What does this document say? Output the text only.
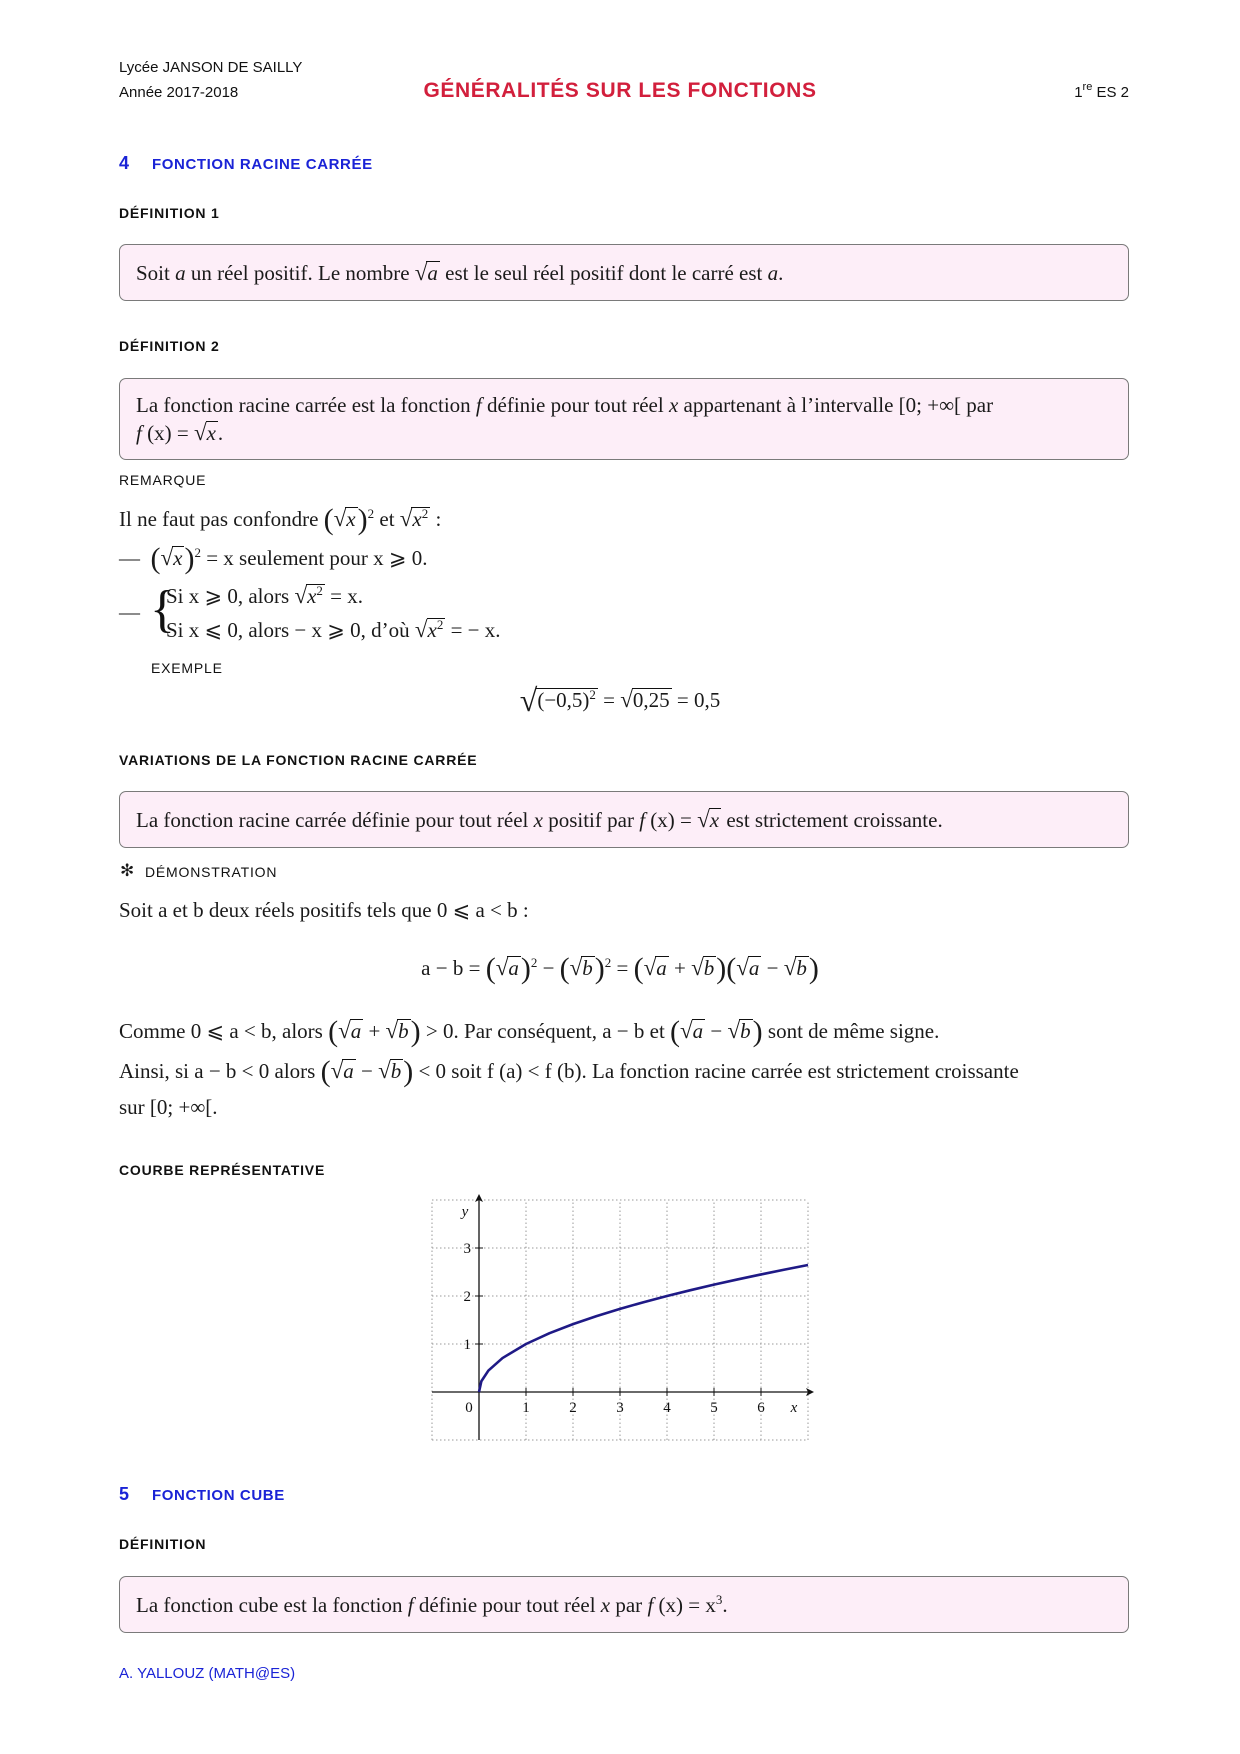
Lycée JANSON DE SAILLY
Année 2017-2018	GÉNÉRALITÉS SUR LES FONCTIONS	1re ES 2
4 FONCTION RACINE CARRÉE
DÉFINITION 1
Soit a un réel positif. Le nombre √a est le seul réel positif dont le carré est a.
DÉFINITION 2
La fonction racine carrée est la fonction f définie pour tout réel x appartenant à l’intervalle [0; +∞[ par
f (x) = √x.
REMARQUE
Il ne faut pas confondre $(√x)^2$ et $√x^2$ :
— $(√x)^2 = x$ seulement pour x ⩾ 0.
— {
Si x ⩾ 0, alors $√x^2 = x$.
Si x ⩽ 0, alors − x ⩾ 0, d’où $√x^2$ = − x.
EXEMPLE
$√(-0,5)^2 = √0,25 = 0,5$
VARIATIONS DE LA FONCTION RACINE CARRÉE
La fonction racine carrée définie pour tout réel x positif par f (x) = √x est strictement croissante.
✻ DÉMONSTRATION
Soit a et b deux réels positifs tels que 0 ⩽ a < b :
$a - b = (√a)^2 - (√b)^2 = (√a + √b)(√a - √b)$
Comme 0 ⩽ a < b, alors (√a + √b) > 0. Par conséquent, a − b et (√a − √b) sont de même signe.
Ainsi, si a − b < 0 alors (√a − √b) < 0 soit f (a) < f (b). La fonction racine carrée est strictement croissante
sur [0; +∞[.
COURBE REPRÉSENTATIVE
1	2	3	4	5	6
1
2
3
0	x
y
5 FONCTION CUBE
DÉFINITION
La fonction cube est la fonction f définie pour tout réel x par f $(x) = x^3$.
A. YALLOUZ (MATH@ES)
